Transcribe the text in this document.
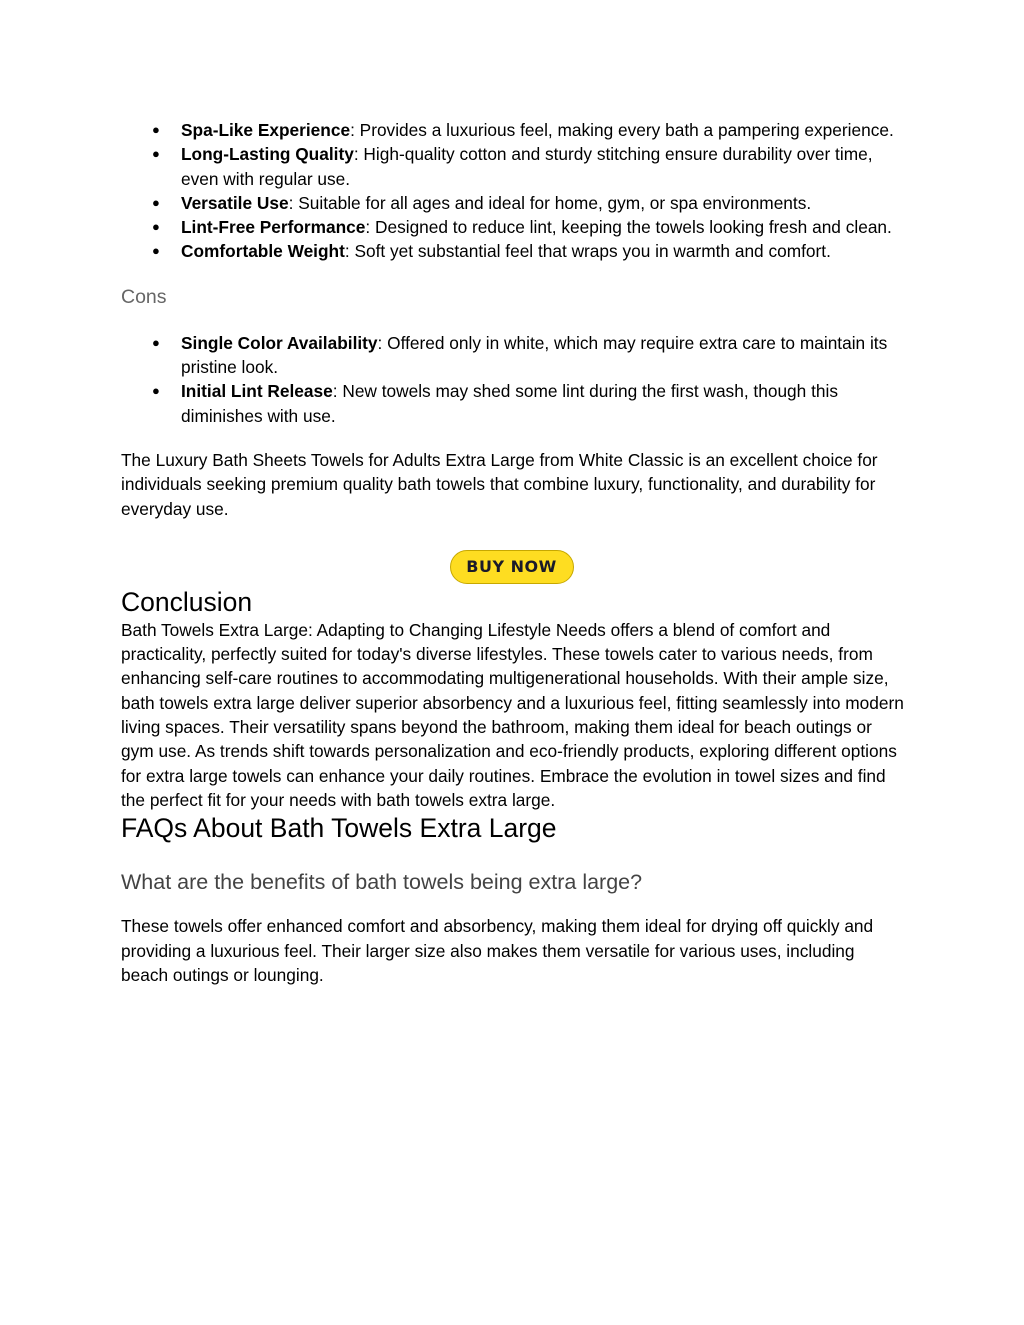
● Spa-Like Experience: Provides a luxurious feel, making every bath a pampering experience.
● Long-Lasting Quality: High-quality cotton and sturdy stitching ensure durability over time, even with regular use.
● Versatile Use: Suitable for all ages and ideal for home, gym, or spa environments.
● Lint-Free Performance: Designed to reduce lint, keeping the towels looking fresh and clean.
● Comfortable Weight: Soft yet substantial feel that wraps you in warmth and comfort.
Cons
● Single Color Availability: Offered only in white, which may require extra care to maintain its pristine look.
● Initial Lint Release: New towels may shed some lint during the first wash, though this diminishes with use.

The Luxury Bath Sheets Towels for Adults Extra Large from White Classic is an excellent choice for individuals seeking premium quality bath towels that combine luxury, functionality, and durability for everyday use.

BUY NOW
Conclusion

Bath Towels Extra Large: Adapting to Changing Lifestyle Needs offers a blend of comfort and practicality, perfectly suited for today's diverse lifestyles. These towels cater to various needs, from enhancing self-care routines to accommodating multigenerational households. With their ample size, bath towels extra large deliver superior absorbency and a luxurious feel, fitting seamlessly into modern living spaces. Their versatility spans beyond the bathroom, making them ideal for beach outings or gym use. As trends shift towards personalization and eco-friendly products, exploring different options for extra large towels can enhance your daily routines. Embrace the evolution in towel sizes and find the perfect fit for your needs with bath towels extra large.

FAQs About Bath Towels Extra Large
What are the benefits of bath towels being extra large?

These towels offer enhanced comfort and absorbency, making them ideal for drying off quickly and providing a luxurious feel. Their larger size also makes them versatile for various uses, including beach outings or lounging.
